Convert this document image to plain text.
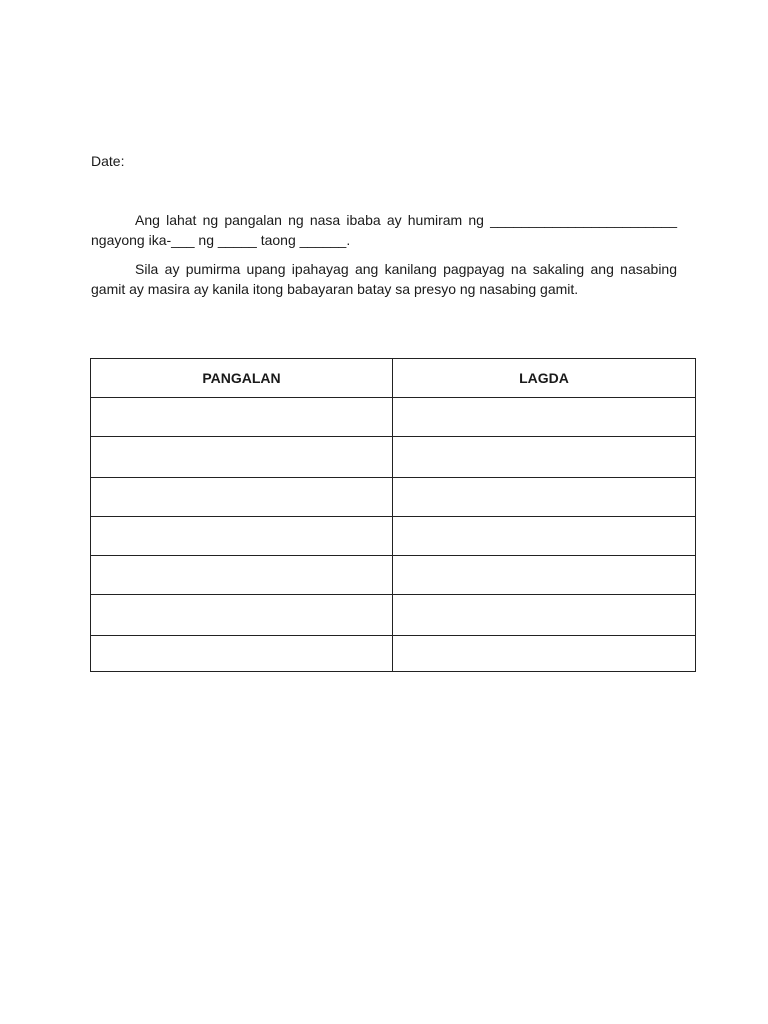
Date:

Ang lahat ng pangalan ng nasa ibaba ay humiram ng ________________________ ngayong ika-___ ng _____ taong ______.

Sila ay pumirma upang ipahayag ang kanilang pagpayag na sakaling ang nasabing gamit ay masira ay kanila itong babayaran batay sa presyo ng nasabing gamit.

PANGALAN	LAGDA
